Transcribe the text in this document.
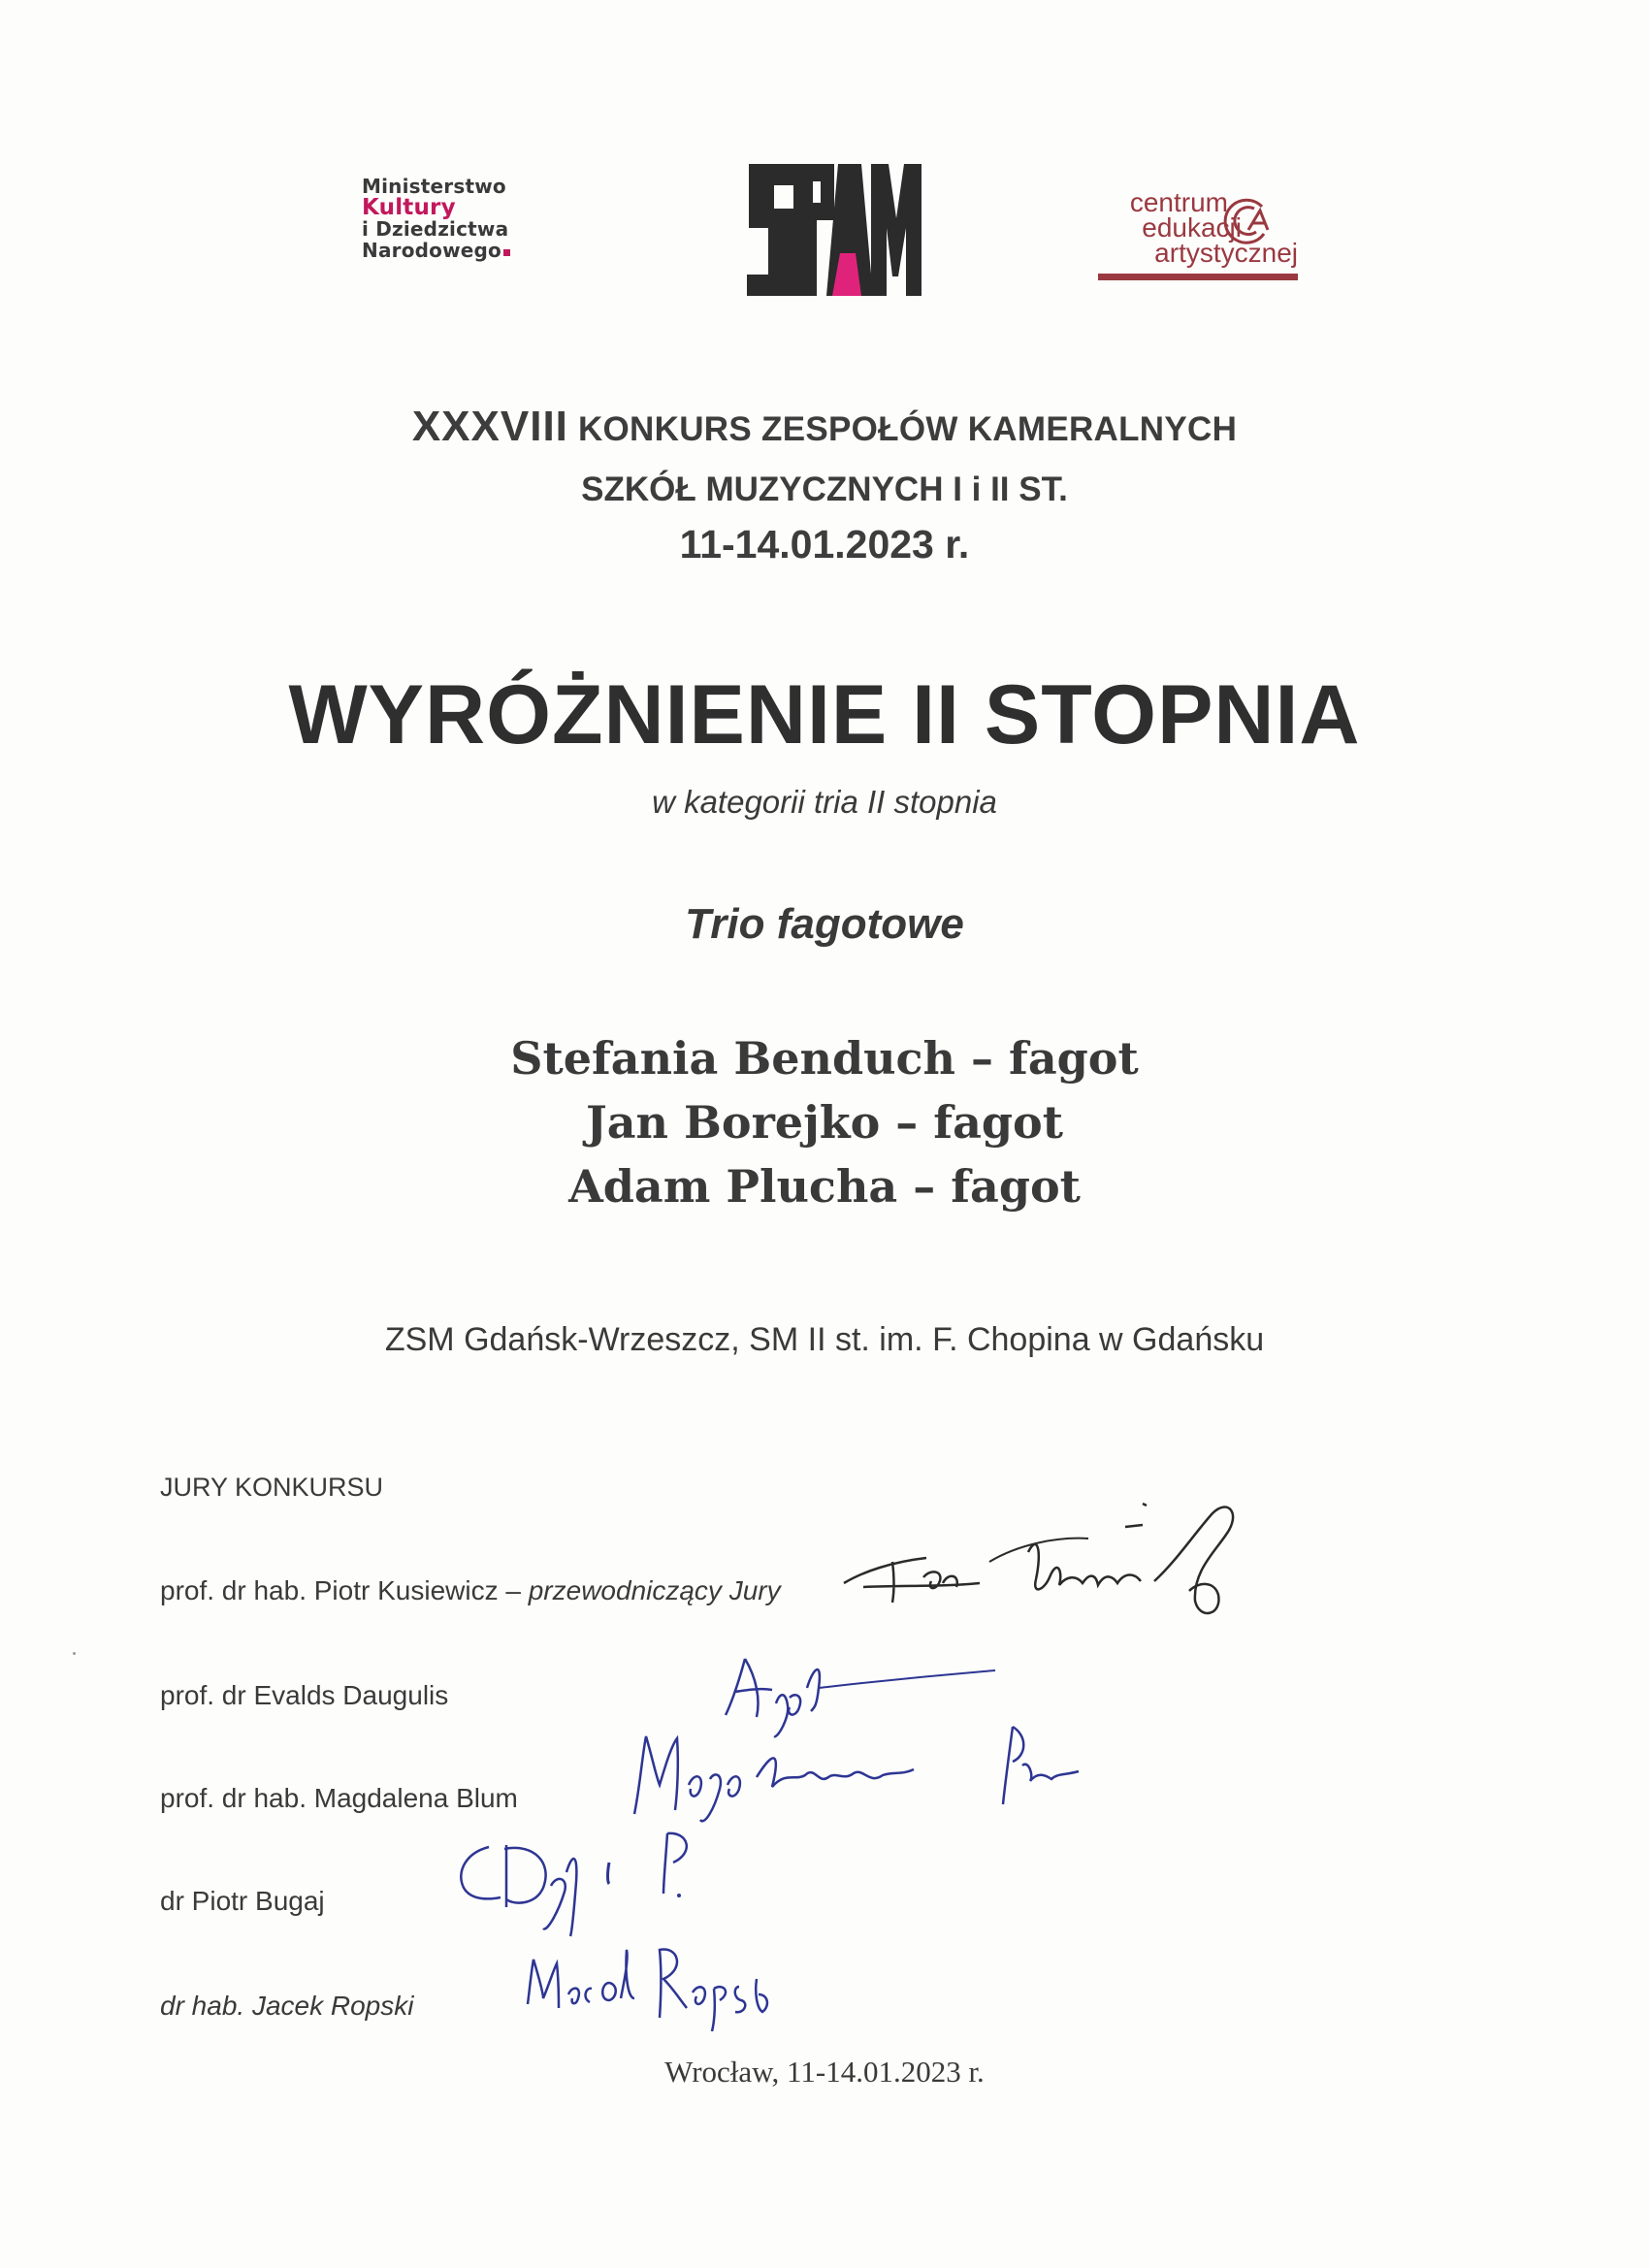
Ministerstwo
Kultury
i Dziedzictwa
Narodowego
centrum
edukacji
artystycznej
XXXVIII KONKURS ZESPOŁÓW KAMERALNYCH
SZKÓŁ MUZYCZNYCH I i II ST.
11-14.01.2023 r.
WYRÓŻNIENIE II STOPNIA
w kategorii tria II stopnia
Trio fagotowe
Stefania Benduch – fagot
Jan Borejko – fagot
Adam Plucha – fagot
ZSM Gdańsk-Wrzeszcz, SM II st. im. F. Chopina w Gdańsku
JURY KONKURSU
prof. dr hab. Piotr Kusiewicz – przewodniczący Jury
prof. dr Evalds Daugulis
prof. dr hab. Magdalena Blum
dr Piotr Bugaj
dr hab. Jacek Ropski
Wrocław, 11-14.01.2023 r.
